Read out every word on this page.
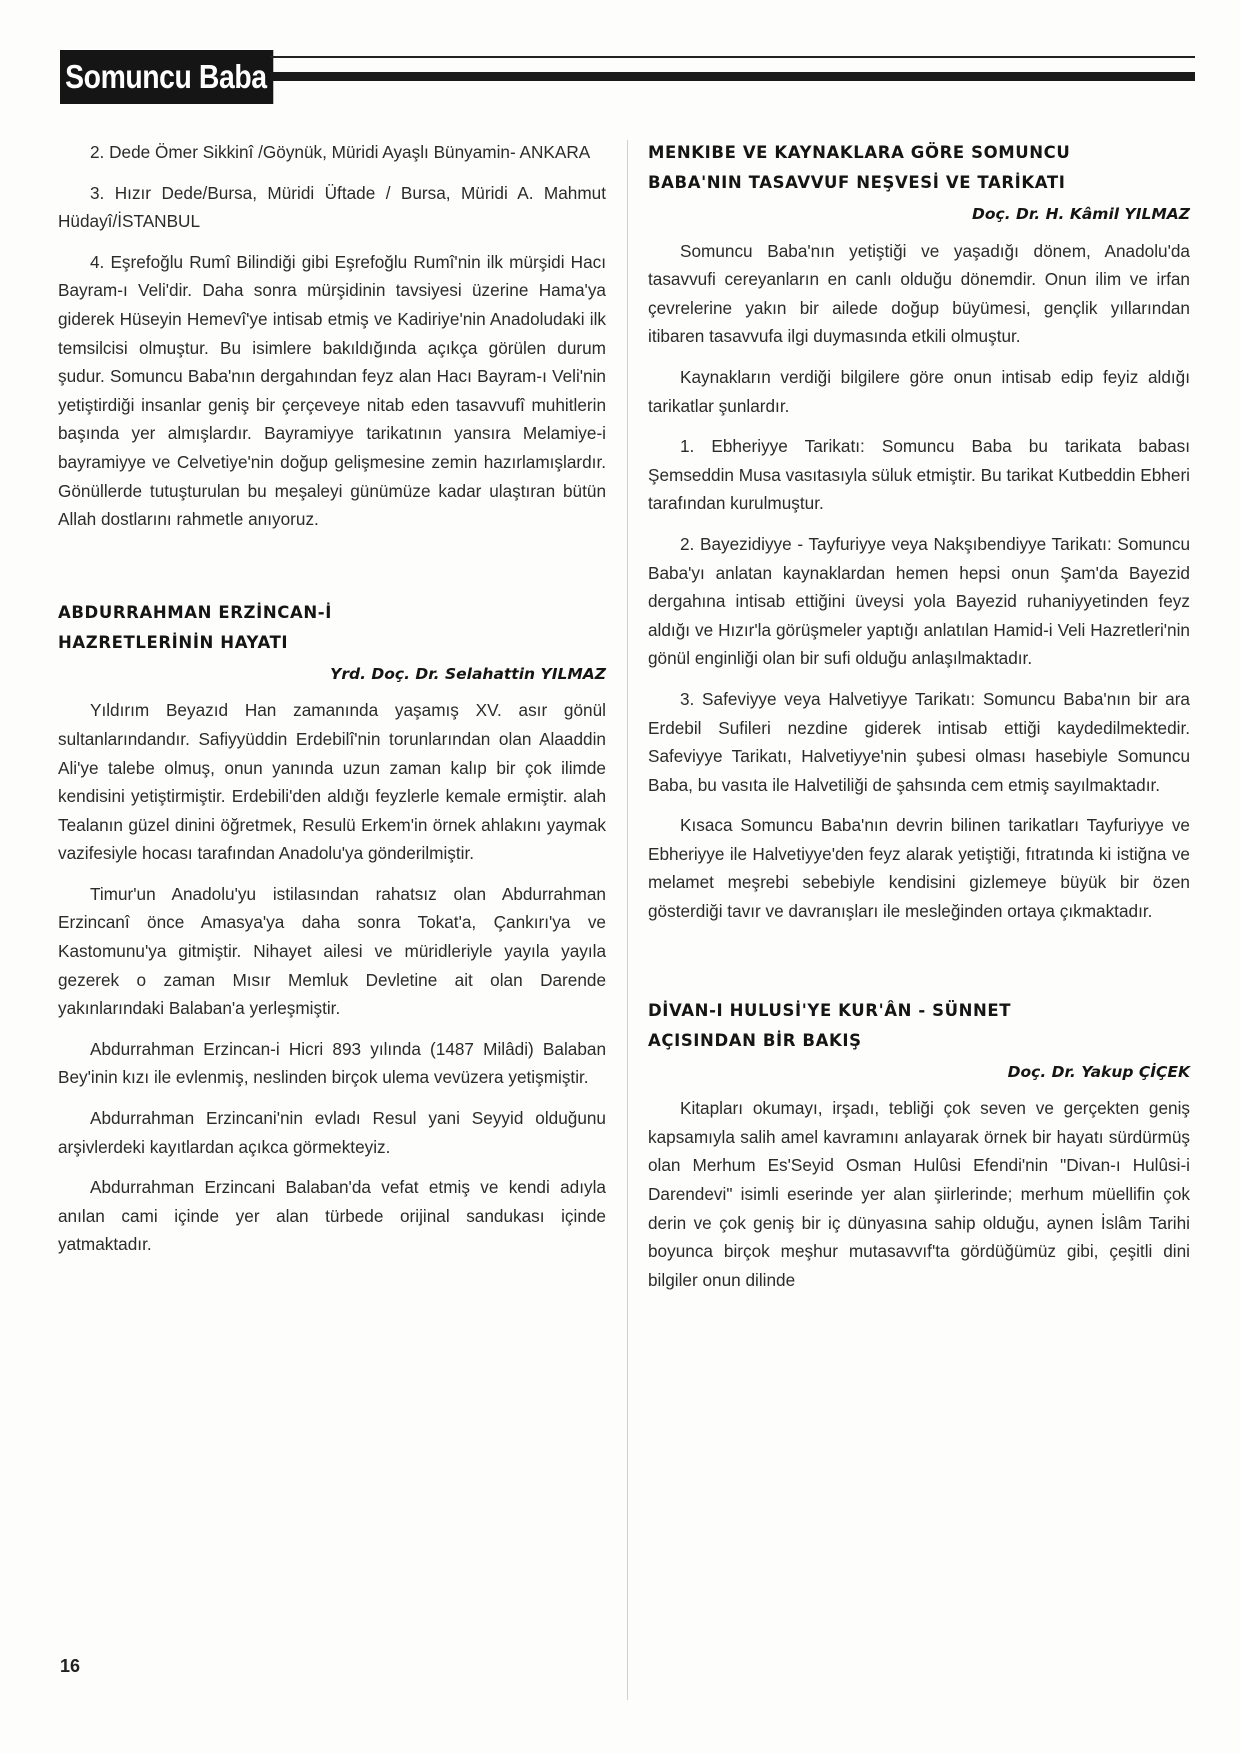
Somuncu Baba

2. Dede Ömer Sikkinî /Göynük, Müridi Ayaşlı Bünyamin- ANKARA

3. Hızır Dede/Bursa, Müridi Üftade / Bursa, Müridi A. Mahmut Hüdayî/İSTANBUL

4. Eşrefoğlu Rumî Bilindiği gibi Eşrefoğlu Rumî'nin ilk mürşidi Hacı Bayram-ı Veli'dir. Daha sonra mürşidinin tavsiyesi üzerine Hama'ya giderek Hüseyin Hemevî'ye intisab etmiş ve Kadiriye'nin Anadoludaki ilk temsilcisi olmuştur. Bu isimlere bakıldığında açıkça görülen durum şudur. Somuncu Baba'nın dergahından feyz alan Hacı Bayram-ı Veli'nin yetiştirdiği insanlar geniş bir çerçeveye nitab eden tasavvufî muhitlerin başında yer almışlardır. Bayramiyye tarikatının yansıra Melamiye-i bayramiyye ve Celvetiye'nin doğup gelişmesine zemin hazırlamışlardır. Gönüllerde tutuşturulan bu meşaleyi günümüze kadar ulaştıran bütün Allah dostlarını rahmetle anıyoruz.

ABDURRAHMAN ERZİNCAN-İ
HAZRETLERİNİN HAYATI
Yrd. Doç. Dr. Selahattin YILMAZ

Yıldırım Beyazıd Han zamanında yaşamış XV. asır gönül sultanlarındandır. Safiyyüddin Erdebilî'nin torunlarından olan Alaaddin Ali'ye talebe olmuş, onun yanında uzun zaman kalıp bir çok ilimde kendisini yetiştirmiştir. Erdebili'den aldığı feyzlerle kemale ermiştir. alah Tealanın güzel dinini öğretmek, Resulü Erkem'in örnek ahlakını yaymak vazifesiyle hocası tarafından Anadolu'ya gönderilmiştir.

Timur'un Anadolu'yu istilasından rahatsız olan Abdurrahman Erzincanî önce Amasya'ya daha sonra Tokat'a, Çankırı'ya ve Kastomunu'ya gitmiştir. Nihayet ailesi ve müridleriyle yayıla yayıla gezerek o zaman Mısır Memluk Devletine ait olan Darende yakınlarındaki Balaban'a yerleşmiştir.

Abdurrahman Erzincan-i Hicri 893 yılında (1487 Milâdi) Balaban Bey'inin kızı ile evlenmiş, neslinden birçok ulema vevüzera yetişmiştir.

Abdurrahman Erzincani'nin evladı Resul yani Seyyid olduğunu arşivlerdeki kayıtlardan açıkca görmekteyiz.

Abdurrahman Erzincani Balaban'da vefat etmiş ve kendi adıyla anılan cami içinde yer alan türbede orijinal sandukası içinde yatmaktadır.

MENKIBE VE KAYNAKLARA GÖRE SOMUNCU
BABA'NIN TASAVVUF NEŞVESİ VE TARİKATI
Doç. Dr. H. Kâmil YILMAZ

Somuncu Baba'nın yetiştiği ve yaşadığı dönem, Anadolu'da tasavvufi cereyanların en canlı olduğu dönemdir. Onun ilim ve irfan çevrelerine yakın bir ailede doğup büyümesi, gençlik yıllarından itibaren tasavvufa ilgi duymasında etkili olmuştur.

Kaynakların verdiği bilgilere göre onun intisab edip feyiz aldığı tarikatlar şunlardır.

1. Ebheriyye Tarikatı: Somuncu Baba bu tarikata babası Şemseddin Musa vasıtasıyla süluk etmiştir. Bu tarikat Kutbeddin Ebheri tarafından kurulmuştur.

2. Bayezidiyye - Tayfuriyye veya Nakşıbendiyye Tarikatı: Somuncu Baba'yı anlatan kaynaklardan hemen hepsi onun Şam'da Bayezid dergahına intisab ettiğini üveysi yola Bayezid ruhaniyyetinden feyz aldığı ve Hızır'la görüşmeler yaptığı anlatılan Hamid-i Veli Hazretleri'nin gönül enginliği olan bir sufi olduğu anlaşılmaktadır.

3. Safeviyye veya Halvetiyye Tarikatı: Somuncu Baba'nın bir ara Erdebil Sufileri nezdine giderek intisab ettiği kaydedilmektedir. Safeviyye Tarikatı, Halvetiyye'nin şubesi olması hasebiyle Somuncu Baba, bu vasıta ile Halvetiliği de şahsında cem etmiş sayılmaktadır.

Kısaca Somuncu Baba'nın devrin bilinen tarikatları Tayfuriyye ve Ebheriyye ile Halvetiyye'den feyz alarak yetiştiği, fıtratında ki istiğna ve melamet meşrebi sebebiyle kendisini gizlemeye büyük bir özen gösterdiği tavır ve davranışları ile mesleğinden ortaya çıkmaktadır.

DİVAN-I HULUSİ'YE KUR'ÂN - SÜNNET
AÇISINDAN BİR BAKIŞ
Doç. Dr. Yakup ÇİÇEK

Kitapları okumayı, irşadı, tebliği çok seven ve gerçekten geniş kapsamıyla salih amel kavramını anlayarak örnek bir hayatı sürdürmüş olan Merhum Es'Seyid Osman Hulûsi Efendi'nin "Divan-ı Hulûsi-i Darendevi" isimli eserinde yer alan şiirlerinde; merhum müellifin çok derin ve çok geniş bir iç dünyasına sahip olduğu, aynen İslâm Tarihi boyunca birçok meşhur mutasavvıf'ta gördüğümüz gibi, çeşitli dini bilgiler onun dilinde

16
